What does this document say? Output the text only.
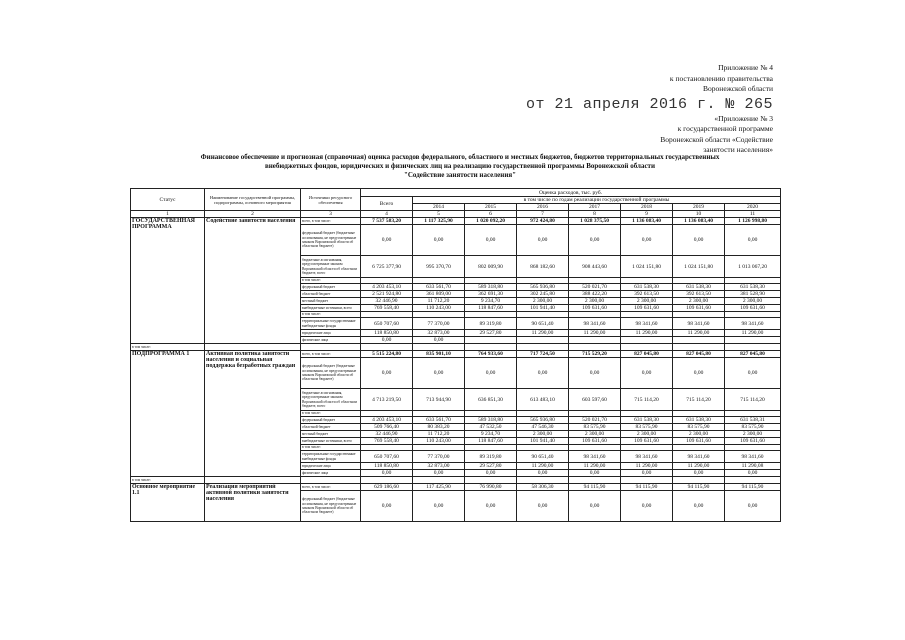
Приложение № 4
к постановлению правительства
Воронежской области
от 21 апреля 2016 г. № 265
«Приложение № 3
к государственной программе
Воронежской области «Содействие
занятости населения»
Финансовое обеспечение и прогнозная (справочная) оценка расходов федерального, областного и местных бюджетов, бюджетов территориальных государственных
внебюджетных фондов, юридических и физических лиц на реализацию государственной программы Воронежской области
"Содействие занятости населения"
Статус	Наименование государственной программы, подпрограммы, основного мероприятия	Источники ресурсного обеспечения	Оценка расходов, тыс. руб.							
			Всего	в том числе по годам реализации государственной программы						
				2014	2015	2016	2017	2018	2019	2020
1	2	3	4	5	6	7	8	9	10	11
ГОСУДАРСТВЕННАЯ ПРОГРАММА	Содействие занятости населения	всего, в том числе:	7 537 583,20	1 117 325,90	1 020 092,20	972 424,80	1 028 375,50	1 136 083,40	1 136 083,40	1 126 998,80
		федеральный бюджет (бюджетные ассигнования, не предусмотренные законом Воронежской области об областном бюджете)	0,00	0,00	0,00	0,00	0,00	0,00	0,00	0,00
		бюджетные ассигнования, предусмотренные законом Воронежской области об областном бюджете, всего	6 725 377,90	995 370,70	802 009,90	868 182,60	908 443,60	1 024 151,80	1 024 151,80	1 013 067,20
		в том числе:								
		федеральный бюджет	4 203 453,10	633 561,70	589 318,80	565 936,80	520 021,70	631 538,30	631 538,30	631 538,30
		областной бюджет	2 521 924,80	361 809,00	362 691,30	302 245,80	388 422,20	392 613,50	392 613,50	381 528,90
		местный бюджет	32 446,90	11 712,20	9 234,70	2 300,00	2 300,00	2 300,00	2 300,00	2 300,00
		внебюджетные источники, всего	769 558,40	110 243,00	118 847,60	101 941,40	109 631,60	109 631,60	109 631,60	109 631,60
		в том числе:								
		территориальные государственные внебюджетные фонды	650 707,60	77 370,00	89 319,80	90 651,40	98 341,60	98 341,60	98 341,60	98 341,60
		юридические лица	118 850,80	32 873,00	29 527,80	11 290,00	11 290,00	11 290,00	11 290,00	11 290,00
		физические лица	0,00	0,00						
в том числе:										
ПОДПРОГРАММА 1	Активная политика занятости населения и социальная поддержка безработных граждан	всего, в том числе:	5 515 224,80	835 901,10	764 933,60	717 724,50	715 529,20	827 045,80	827 045,80	827 045,80
		федеральный бюджет (бюджетные ассигнования, не предусмотренные законом Воронежской области об областном бюджете)	0,00	0,00	0,00	0,00	0,00	0,00	0,00	0,00
		бюджетные ассигнования, предусмотренные законом Воронежской области об областном бюджете, всего	4 713 219,50	713 944,90	636 851,30	613 483,10	603 597,60	715 114,20	715 114,20	715 114,20
		в том числе:								
		федеральный бюджет	4 203 453,10	633 561,70	589 318,80	565 936,80	520 021,70	631 538,30	631 538,30	631 538,31
		областной бюджет	509 766,40	80 383,20	47 532,50	47 546,30	83 575,90	83 575,90	83 575,90	83 575,90
		местный бюджет	32 446,90	11 712,20	9 234,70	2 300,00	2 300,00	2 300,00	2 300,00	2 300,00
		внебюджетные источники, всего	769 558,40	110 243,00	118 847,60	101 941,40	109 631,60	109 631,60	109 631,60	109 631,60
		в том числе:								
		территориальные государственные внебюджетные фонды	650 707,60	77 370,00	89 319,80	90 651,40	98 341,60	98 341,60	98 341,60	98 341,60
		юридические лица	118 850,80	32 873,00	29 527,80	11 290,00	11 290,00	11 290,00	11 290,00	11 290,08
		физические лица	0,00	0,00	0,00	0,00	0,00	0,00	0,00	0,00
в том числе:										
Основное мероприятие 1.1	Реализация мероприятий активной политики занятости населения	всего, в том числе:	629 186,60	117 425,90	76 990,80	58 306,30	94 115,90	94 115,90	94 115,90	94 115,90
		федеральный бюджет (бюджетные ассигнования, не предусмотренные законом Воронежской области об областном бюджете)	0,00	0,00	0,00	0,00	0,00	0,00	0,00	0,00
